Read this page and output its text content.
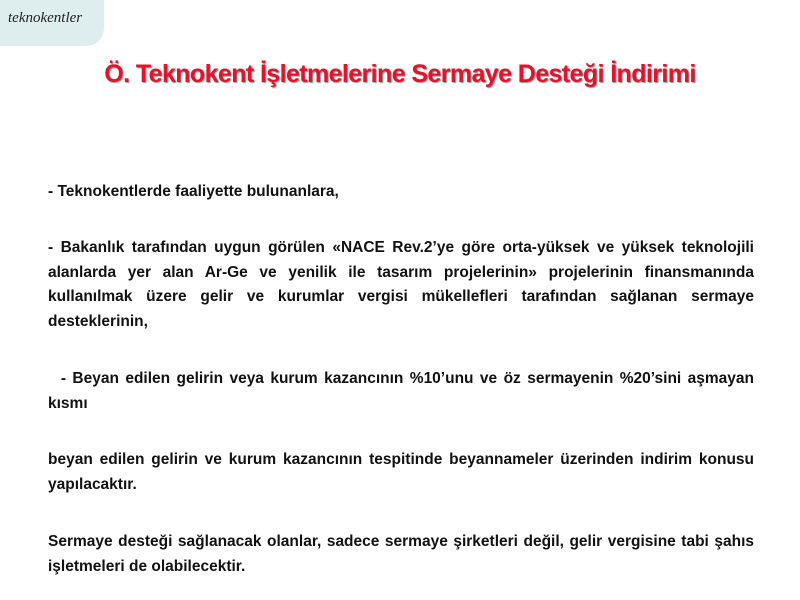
teknokentler
Ö. Teknokent İşletmelerine Sermaye Desteği İndirimi
- Teknokentlerde faaliyette bulunanlara,
- Bakanlık tarafından uygun görülen «NACE Rev.2’ye göre orta-yüksek ve yüksek teknolojili alanlarda yer alan Ar-Ge ve yenilik ile tasarım projelerinin» projelerinin finansmanında kullanılmak üzere gelir ve kurumlar vergisi mükellefleri tarafından sağlanan sermaye desteklerinin,
- Beyan edilen gelirin veya kurum kazancının %10’unu ve öz sermayenin %20’sini aşmayan kısmı
beyan edilen gelirin ve kurum kazancının tespitinde beyannameler üzerinden indirim konusu yapılacaktır.
Sermaye desteği sağlanacak olanlar, sadece sermaye şirketleri değil, gelir vergisine tabi şahıs işletmeleri de olabilecektir.
